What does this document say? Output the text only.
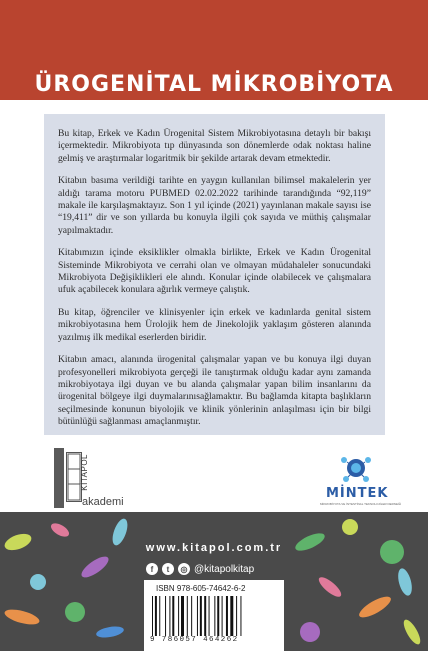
ÜROGENİTAL MİKROBİYOTA

Bu kitap, Erkek ve Kadın Ürogenital Sistem Mikrobiyotasına detaylı bir bakışı içermektedir. Mikrobiyota tıp dünyasında son dönemlerde odak noktası haline gelmiş ve araştırmalar logaritmik bir şekilde artarak devam etmektedir.

Kitabın basıma verildiği tarihte en yaygın kullanılan bilimsel makalelerin yer aldığı tarama motoru PUBMED 02.02.2022 tarihinde tarandığında “92,119” makale ile karşılaşmaktayız. Son 1 yıl içinde (2021) yayınlanan makale sayısı ise “19,411” dir ve son yıllarda bu konuyla ilgili çok sayıda ve müthiş çalışmalar yapılmaktadır.

Kitabımızın içinde eksiklikler olmakla birlikte, Erkek ve Kadın Ürogenital Sisteminde Mikrobiyota ve cerrahi olan ve olmayan müdahaleler sonucundaki Mikrobiyota Değişiklikleri ele alındı. Konular içinde olabilecek ve çalışmalara ufuk açabilecek konulara ağırlık vermeye çalıştık.

Bu kitap, öğrenciler ve klinisyenler için erkek ve kadınlarda genital sistem mikrobiyotasına hem Ürolojik hem de Jinekolojik yaklaşım gösteren alanında yazılmış ilk medikal eserlerden biridir.

Kitabın amacı, alanında ürogenital çalışmalar yapan ve bu konuya ilgi duyan profesyonelleri mikrobiyota gerçeği ile tanıştırmak olduğu kadar aynı zamanda mikrobiyotaya ilgi duyan ve bu alanda çalışmalar yapan bilim insanlarını da ürogenital bölgeye ilgi duymalarınısağlamaktır. Bu bağlamda kitapta başlıkların seçilmesinde konunun biyolojik ve klinik yönlerinin anlaşılması için bir bilgi bütünlüğü sağlanması amaçlanmıştır.

KİTAPOL
akademi
MİNTEK
MİKROBİYOTA VE İNTESTİNAL TEKNOLOJİLER DERNEĞİ
www.kitapol.com.tr
f	t	◎ @kitapolkitap
ISBN 978-605-74642-6-2
9 786057 464262
